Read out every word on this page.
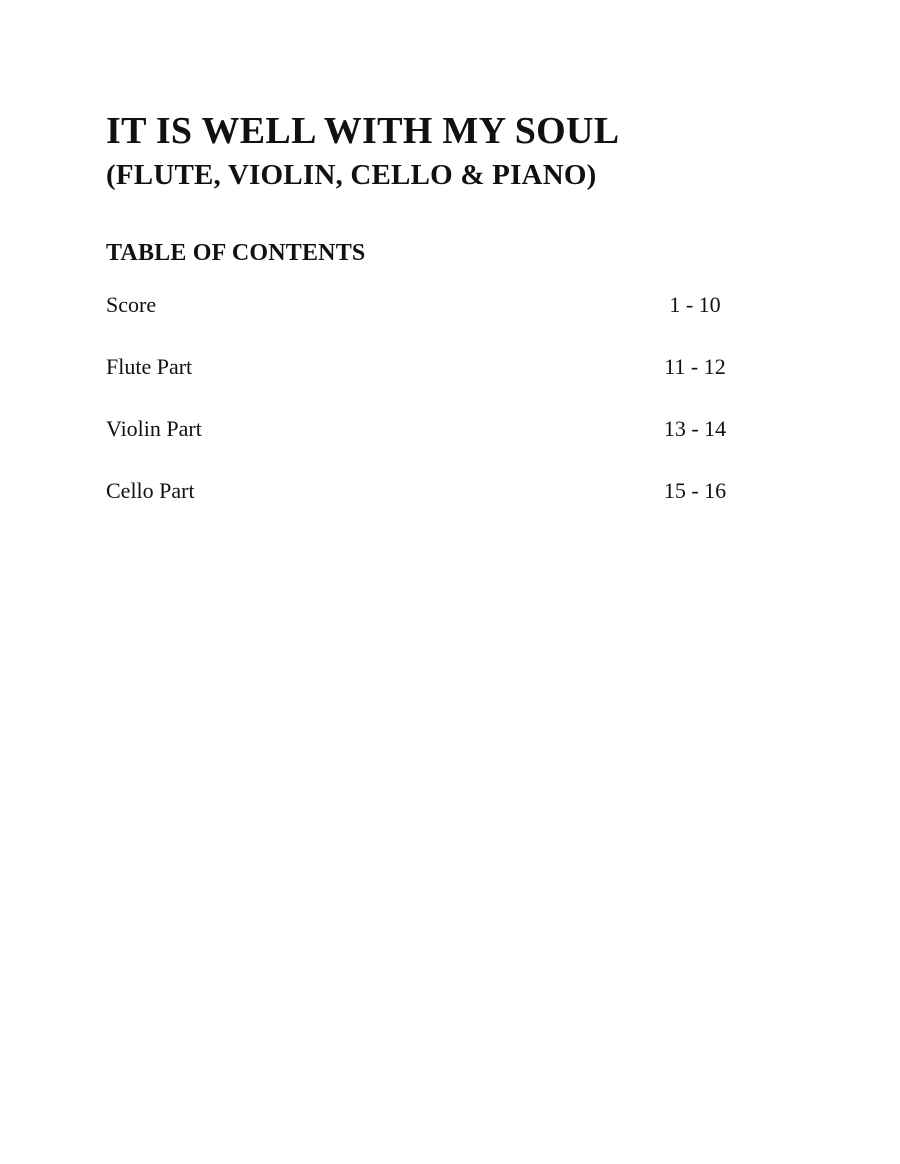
IT IS WELL WITH MY SOUL
(FLUTE, VIOLIN, CELLO & PIANO)
TABLE OF CONTENTS
Score	1 - 10
Flute Part	11 - 12
Violin Part	13 - 14
Cello Part	15 - 16
